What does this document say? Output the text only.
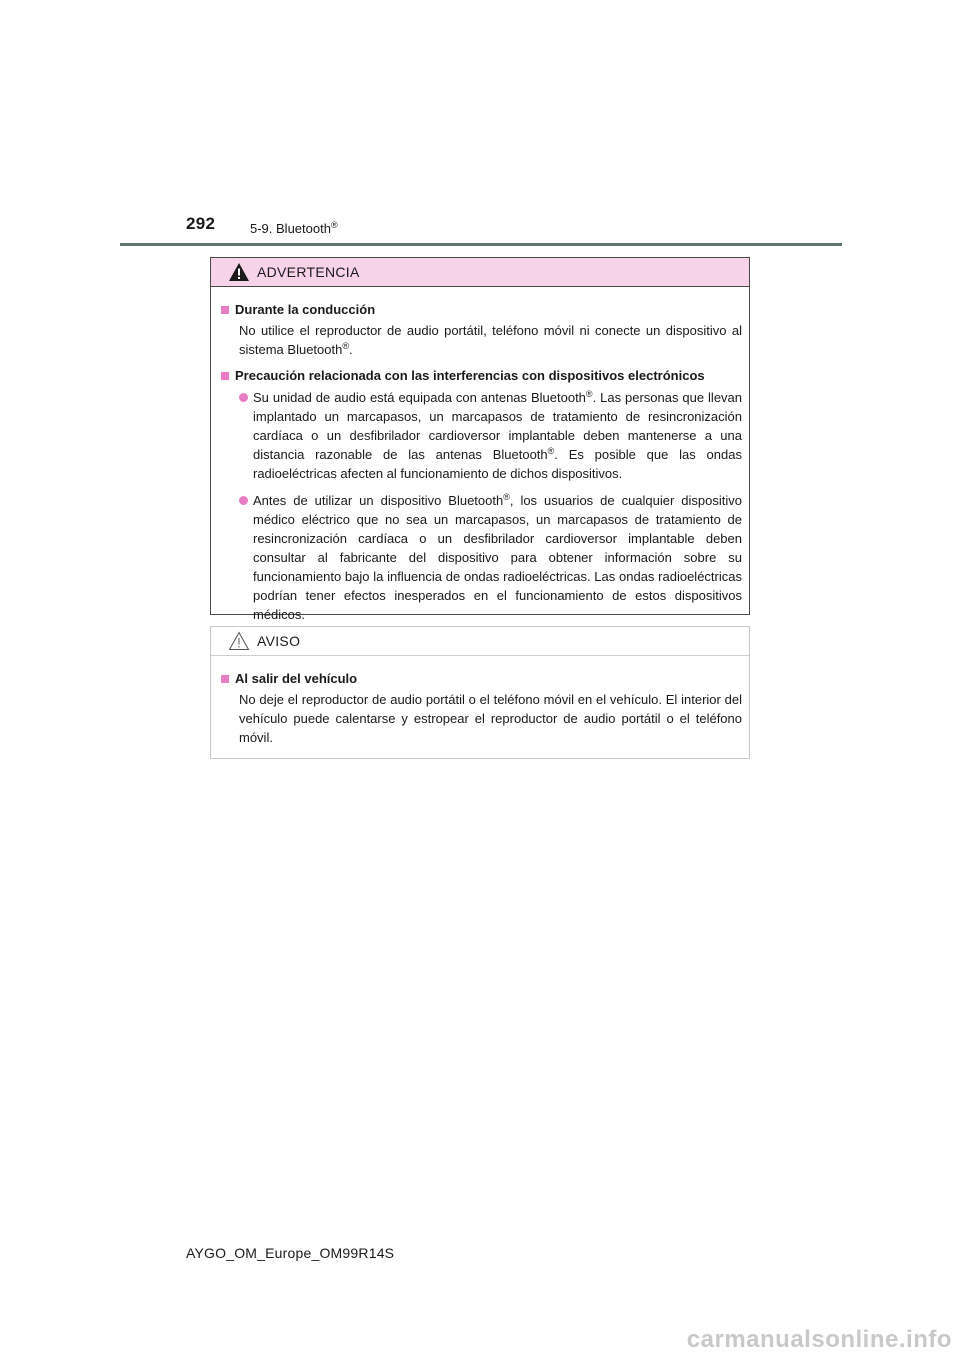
292	5-9. Bluetooth®
ADVERTENCIA
Durante la conducción
No utilice el reproductor de audio portátil, teléfono móvil ni conecte un dispositivo al sistema Bluetooth®.
Precaución relacionada con las interferencias con dispositivos electrónicos
Su unidad de audio está equipada con antenas Bluetooth®. Las personas que llevan implantado un marcapasos, un marcapasos de tratamiento de resincronización cardíaca o un desfibrilador cardioversor implantable deben mantenerse a una distancia razonable de las antenas Bluetooth®. Es posible que las ondas radioeléctricas afecten al funcionamiento de dichos dispositivos.
Antes de utilizar un dispositivo Bluetooth®, los usuarios de cualquier dispositivo médico eléctrico que no sea un marcapasos, un marcapasos de tratamiento de resincronización cardíaca o un desfibrilador cardioversor implantable deben consultar al fabricante del dispositivo para obtener información sobre su funcionamiento bajo la influencia de ondas radioeléctricas. Las ondas radioeléctricas podrían tener efectos inesperados en el funcionamiento de estos dispositivos médicos.
AVISO
Al salir del vehículo
No deje el reproductor de audio portátil o el teléfono móvil en el vehículo. El interior del vehículo puede calentarse y estropear el reproductor de audio portátil o el teléfono móvil.
AYGO_OM_Europe_OM99R14S
carmanualsonline.info
